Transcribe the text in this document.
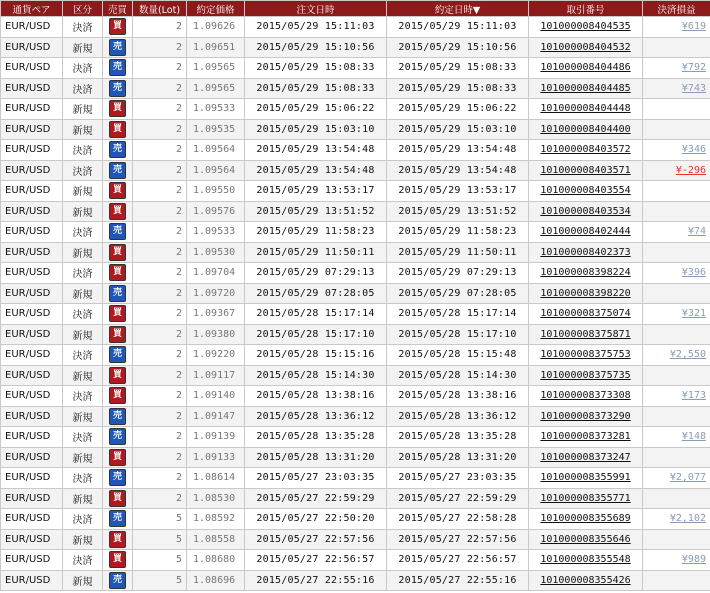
通貨ペア	区分	売買	数量(Lot)	約定価格	注文日時	約定日時▼	取引番号	決済損益
EUR/USD	決済	買	2	1.09626	2015/05/29 15:11:03	2015/05/29 15:11:03	101000008404535	¥619
EUR/USD	新規	売	2	1.09651	2015/05/29 15:10:56	2015/05/29 15:10:56	101000008404532	
EUR/USD	決済	売	2	1.09565	2015/05/29 15:08:33	2015/05/29 15:08:33	101000008404486	¥792
EUR/USD	決済	売	2	1.09565	2015/05/29 15:08:33	2015/05/29 15:08:33	101000008404485	¥743
EUR/USD	新規	買	2	1.09533	2015/05/29 15:06:22	2015/05/29 15:06:22	101000008404448	
EUR/USD	新規	買	2	1.09535	2015/05/29 15:03:10	2015/05/29 15:03:10	101000008404400	
EUR/USD	決済	売	2	1.09564	2015/05/29 13:54:48	2015/05/29 13:54:48	101000008403572	¥346
EUR/USD	決済	売	2	1.09564	2015/05/29 13:54:48	2015/05/29 13:54:48	101000008403571	¥-296
EUR/USD	新規	買	2	1.09550	2015/05/29 13:53:17	2015/05/29 13:53:17	101000008403554	
EUR/USD	新規	買	2	1.09576	2015/05/29 13:51:52	2015/05/29 13:51:52	101000008403534	
EUR/USD	決済	売	2	1.09533	2015/05/29 11:58:23	2015/05/29 11:58:23	101000008402444	¥74
EUR/USD	新規	買	2	1.09530	2015/05/29 11:50:11	2015/05/29 11:50:11	101000008402373	
EUR/USD	決済	買	2	1.09704	2015/05/29 07:29:13	2015/05/29 07:29:13	101000008398224	¥396
EUR/USD	新規	売	2	1.09720	2015/05/29 07:28:05	2015/05/29 07:28:05	101000008398220	
EUR/USD	決済	買	2	1.09367	2015/05/28 15:17:14	2015/05/28 15:17:14	101000008375074	¥321
EUR/USD	新規	買	2	1.09380	2015/05/28 15:17:10	2015/05/28 15:17:10	101000008375871	
EUR/USD	決済	売	2	1.09220	2015/05/28 15:15:16	2015/05/28 15:15:48	101000008375753	¥2,550
EUR/USD	新規	買	2	1.09117	2015/05/28 15:14:30	2015/05/28 15:14:30	101000008375735	
EUR/USD	決済	買	2	1.09140	2015/05/28 13:38:16	2015/05/28 13:38:16	101000008373308	¥173
EUR/USD	新規	売	2	1.09147	2015/05/28 13:36:12	2015/05/28 13:36:12	101000008373290	
EUR/USD	決済	売	2	1.09139	2015/05/28 13:35:28	2015/05/28 13:35:28	101000008373281	¥148
EUR/USD	新規	買	2	1.09133	2015/05/28 13:31:20	2015/05/28 13:31:20	101000008373247	
EUR/USD	決済	売	2	1.08614	2015/05/27 23:03:35	2015/05/27 23:03:35	101000008355991	¥2,077
EUR/USD	新規	買	2	1.08530	2015/05/27 22:59:29	2015/05/27 22:59:29	101000008355771	
EUR/USD	決済	売	5	1.08592	2015/05/27 22:50:20	2015/05/27 22:58:28	101000008355689	¥2,102
EUR/USD	新規	買	5	1.08558	2015/05/27 22:57:56	2015/05/27 22:57:56	101000008355646	
EUR/USD	決済	買	5	1.08680	2015/05/27 22:56:57	2015/05/27 22:56:57	101000008355548	¥989
EUR/USD	新規	売	5	1.08696	2015/05/27 22:55:16	2015/05/27 22:55:16	101000008355426	
